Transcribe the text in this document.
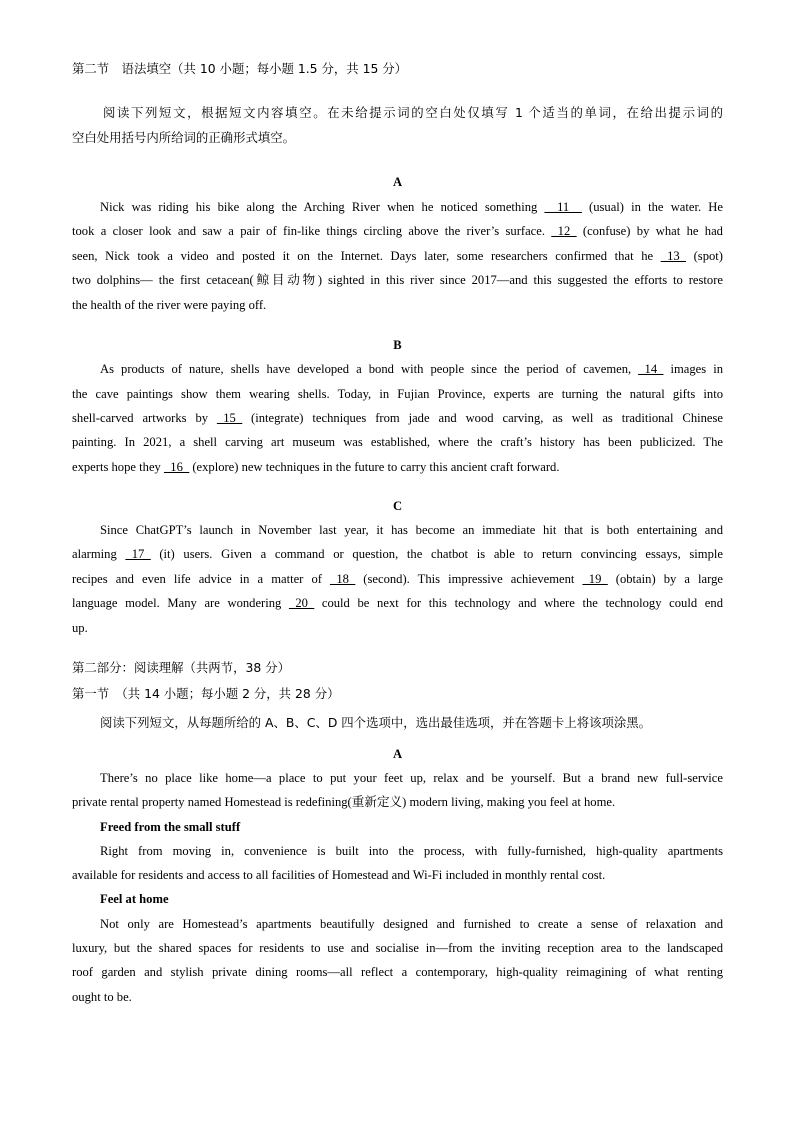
第二节　语法填空（共 10 小题；每小题 1.5 分，共 15 分）
阅读下列短文，根据短文内容填空。在未给提示词的空白处仅填写 1 个适当的单词，在给出提示词的
空白处用括号内所给词的正确形式填空。
A
Nick was riding his bike along the Arching River when he noticed something __11__ (usual) in the water. He
took a closer look and saw a pair of fin-like things circling above the river’s surface. _12_ (confuse) by what he had
seen, Nick took a video and posted it on the Internet. Days later, some researchers confirmed that he _13_ (spot)
two dolphins— the first cetacean(鲸目动物) sighted in this river since 2017—and this suggested the efforts to restore
the health of the river were paying off.
B
As products of nature, shells have developed a bond with people since the period of cavemen, _14_ images in
the cave paintings show them wearing shells. Today, in Fujian Province, experts are turning the natural gifts into
shell-carved artworks by _15_ (integrate) techniques from jade and wood carving, as well as traditional Chinese
painting. In 2021, a shell carving art museum was established, where the craft’s history has been publicized. The
experts hope they _16_ (explore) new techniques in the future to carry this ancient craft forward.
C
Since ChatGPT’s launch in November last year, it has become an immediate hit that is both entertaining and
alarming _17_ (it) users. Given a command or question, the chatbot is able to return convincing essays, simple
recipes and even life advice in a matter of _18_ (second). This impressive achievement _19_ (obtain) by a large
language model. Many are wondering _20_ could be next for this technology and where the technology could end
up.
第二部分：阅读理解（共两节，38 分）
第一节　（共 14 小题；每小题 2 分，共 28 分）
阅读下列短文，从每题所给的 A、B、C、D 四个选项中，选出最佳选项，并在答题卡上将该项涂黑。
A
There’s no place like home—a place to put your feet up, relax and be yourself. But a brand new full-service
private rental property named Homestead is redefining(重新定义) modern living, making you feel at home.
Freed from the small stuff
Right from moving in, convenience is built into the process, with fully-furnished, high-quality apartments
available for residents and access to all facilities of Homestead and Wi-Fi included in monthly rental cost.
Feel at home
Not only are Homestead’s apartments beautifully designed and furnished to create a sense of relaxation and
luxury, but the shared spaces for residents to use and socialise in—from the inviting reception area to the landscaped
roof garden and stylish private dining rooms—all reflect a contemporary, high-quality reimagining of what renting
ought to be.
